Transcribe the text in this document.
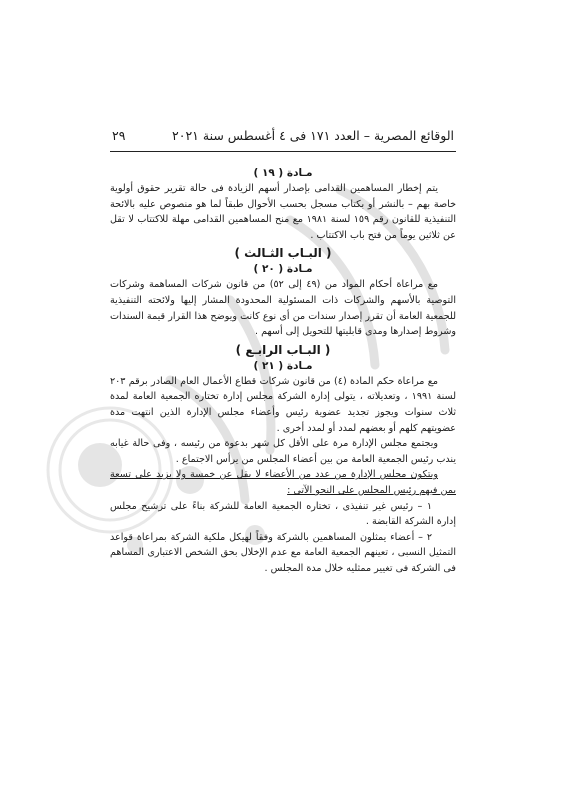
الوقائع المصرية – العدد ١٧١ فى ٤ أغسطس سنة ٢٠٢١
٢٩
مـادة ( ١٩ )

يتم إخطار المساهمين القدامى بإصدار أسهم الزيادة فى حالة تقرير حقوق أولوية خاصة بهم – بالنشر أو بكتاب مسجل بحسب الأحوال طبقاً لما هو منصوص عليه بالائحة التنفيذية للقانون رقم ١٥٩ لسنة ١٩٨١ مع منح المساهمين القدامى مهلة للاكتتاب لا تقل عن ثلاثين يوماً من فتح باب الاكتتاب .

( البـاب الثـالث )
مـادة ( ٢٠ )

مع مراعاة أحكام المواد من (٤٩ إلى ٥٢) من قانون شركات المساهمة وشركات التوصية بالأسهم والشركات ذات المسئولية المحدودة المشار إليها ولائحته التنفيذية للجمعية العامة أن تقرر إصدار سندات من أى نوع كانت ويوضح هذا القرار قيمة السندات وشروط إصدارها ومدى قابليتها للتحويل إلى أسهم .

( البـاب الرابـع )
مـادة ( ٢١ )

مع مراعاة حكم المادة (٤) من قانون شركات قطاع الأعمال العام الصادر برقم ٢٠٣ لسنة ١٩٩١ ، وتعديلاته ، يتولى إدارة الشركة مجلس إدارة تختاره الجمعية العامة لمدة ثلاث سنوات ويجوز تجديد عضوية رئيس وأعضاء مجلس الإدارة الذين انتهت مدة عضويتهم كلهم أو بعضهم لمدد أو لمدد أخرى .

ويجتمع مجلس الإدارة مرة على الأقل كل شهر بدعوة من رئيسه ، وفى حالة غيابه يندب رئيس الجمعية العامة من بين أعضاء المجلس من يرأس الاجتماع .

ويتكون مجلس الإدارة من عدد من الأعضاء لا يقل عن خمسة ولا يزيد على تسعة بمن فيهم رئيس المجلس على النحو الآتى :

١ – رئيس غير تنفيذى ، تختاره الجمعية العامة للشركة بناءً على ترشيح مجلس إدارة الشركة القابضة .

٢ – أعضاء يمثلون المساهمين بالشركة وفقاً لهيكل ملكية الشركة بمراعاة قواعد التمثيل النسبى ، تعينهم الجمعية العامة مع عدم الإخلال بحق الشخص الاعتبارى المساهم فى الشركة فى تغيير ممثليه خلال مدة المجلس .
